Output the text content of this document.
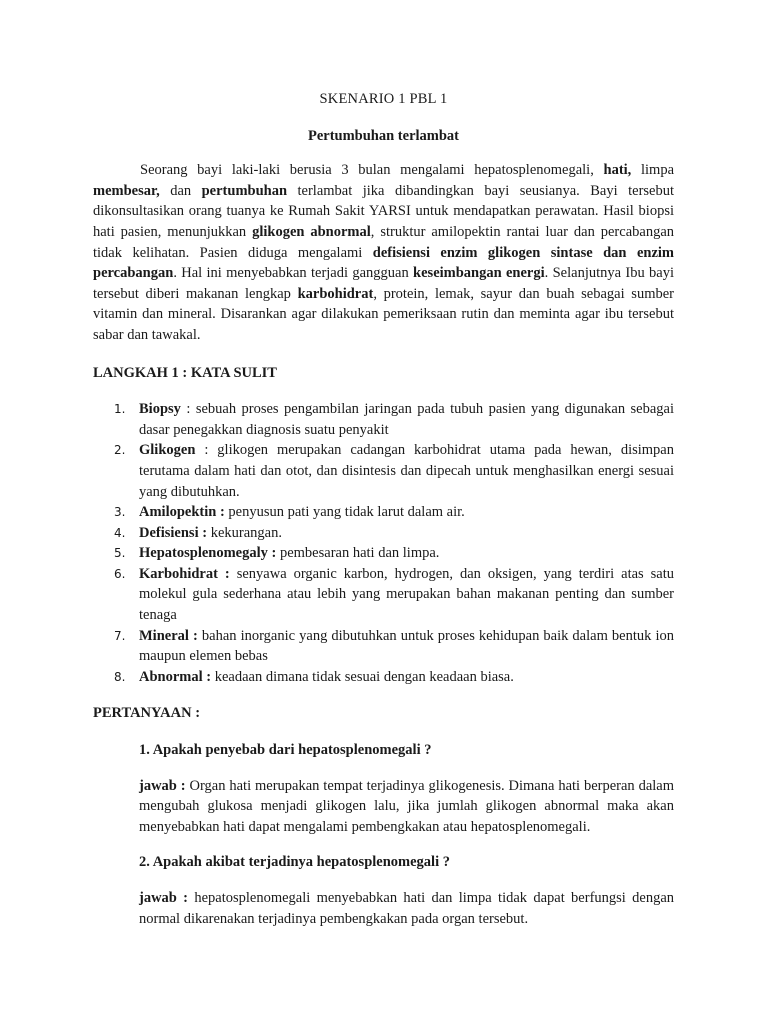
SKENARIO 1 PBL 1
Pertumbuhan terlambat

Seorang bayi laki-laki berusia 3 bulan mengalami hepatosplenomegali, hati, limpa membesar, dan pertumbuhan terlambat jika dibandingkan bayi seusianya. Bayi tersebut dikonsultasikan orang tuanya ke Rumah Sakit YARSI untuk mendapatkan perawatan. Hasil biopsi hati pasien, menunjukkan glikogen abnormal, struktur amilopektin rantai luar dan percabangan tidak kelihatan. Pasien diduga mengalami defisiensi enzim glikogen sintase dan enzim percabangan. Hal ini menyebabkan terjadi gangguan keseimbangan energi. Selanjutnya Ibu bayi tersebut diberi makanan lengkap karbohidrat, protein, lemak, sayur dan buah sebagai sumber vitamin dan mineral. Disarankan agar dilakukan pemeriksaan rutin dan meminta agar ibu tersebut sabar dan tawakal.

LANGKAH 1 : KATA SULIT
1. Biopsy : sebuah proses pengambilan jaringan pada tubuh pasien yang digunakan sebagai dasar penegakkan diagnosis suatu penyakit
2. Glikogen : glikogen merupakan cadangan karbohidrat utama pada hewan, disimpan terutama dalam hati dan otot, dan disintesis dan dipecah untuk menghasilkan energi sesuai yang dibutuhkan.
3. Amilopektin : penyusun pati yang tidak larut dalam air.
4. Defisiensi : kekurangan.
5. Hepatosplenomegaly : pembesaran hati dan limpa.
6. Karbohidrat : senyawa organic karbon, hydrogen, dan oksigen, yang terdiri atas satu molekul gula sederhana atau lebih yang merupakan bahan makanan penting dan sumber tenaga
7. Mineral : bahan inorganic yang dibutuhkan untuk proses kehidupan baik dalam bentuk ion maupun elemen bebas
8. Abnormal : keadaan dimana tidak sesuai dengan keadaan biasa.
PERTANYAAN :
1. Apakah penyebab dari hepatosplenomegali ?
jawab : Organ hati merupakan tempat terjadinya glikogenesis. Dimana hati berperan dalam mengubah glukosa menjadi glikogen lalu, jika jumlah glikogen abnormal maka akan menyebabkan hati dapat mengalami pembengkakan atau hepatosplenomegali.
2. Apakah akibat terjadinya hepatosplenomegali ?
jawab : hepatosplenomegali menyebabkan hati dan limpa tidak dapat berfungsi dengan normal dikarenakan terjadinya pembengkakan pada organ tersebut.
